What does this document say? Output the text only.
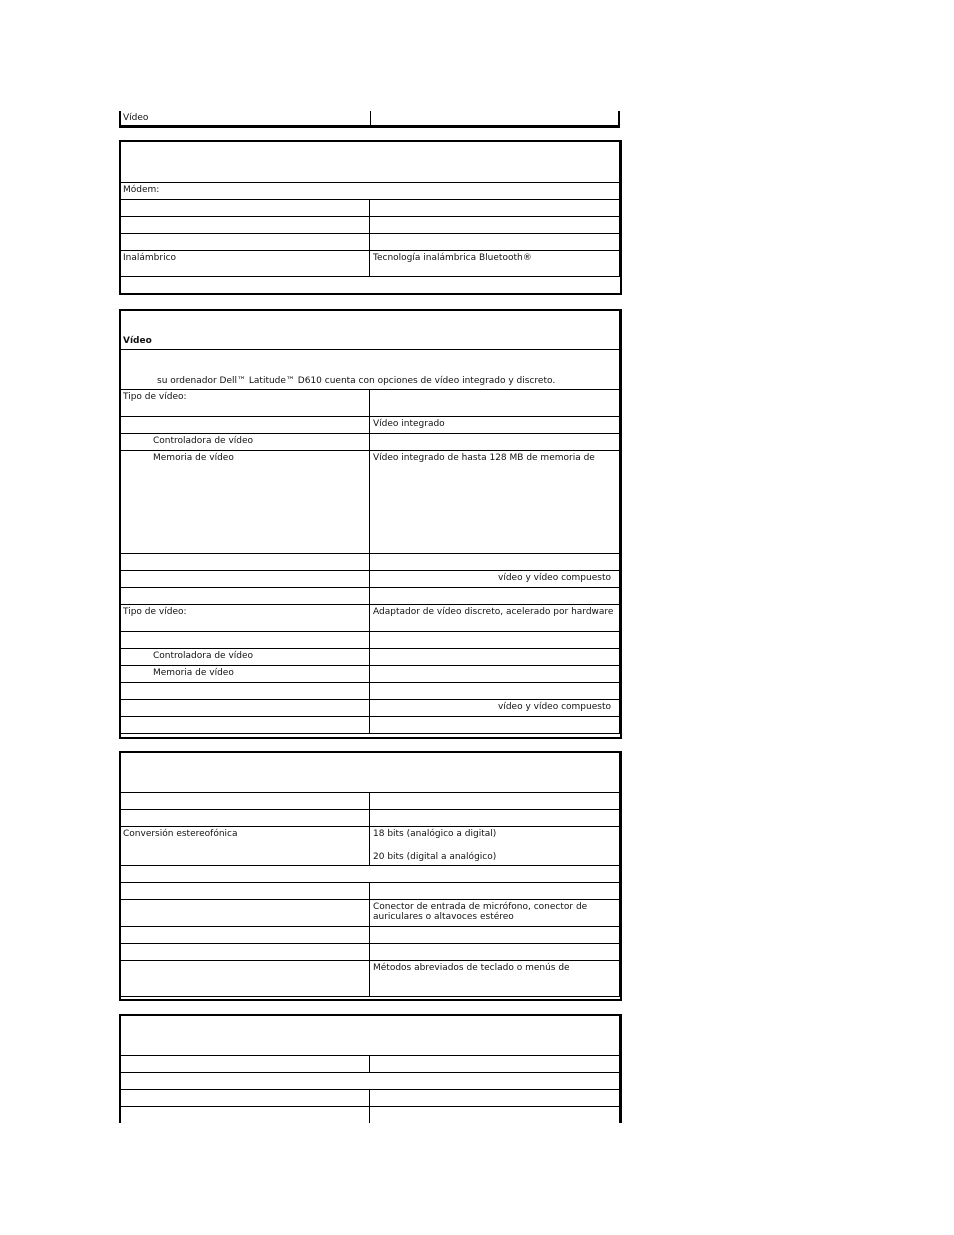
Vídeo	

Módem:	

Inalámbrico	Tecnología inalámbrica Bluetooth®
Vídeo	
su ordenador Dell™ Latitude™ D610 cuenta con opciones de vídeo integrado y discreto.	
Tipo de vídeo:	
	Vídeo integrado
Controladora de vídeo	
Memoria de vídeo	Vídeo integrado de hasta 128 MB de memoria de

	vídeo y vídeo compuesto

Tipo de vídeo:	Adaptador de vídeo discreto, acelerado por hardware

Controladora de vídeo	
Memoria de vídeo	

	vídeo y vídeo compuesto

Conversión estereofónica	18 bits (analógico a digital)
20 bits (digital a analógico)

	Conector de entrada de micrófono, conector de auriculares o altavoces estéreo

	Métodos abreviados de teclado o menús de
